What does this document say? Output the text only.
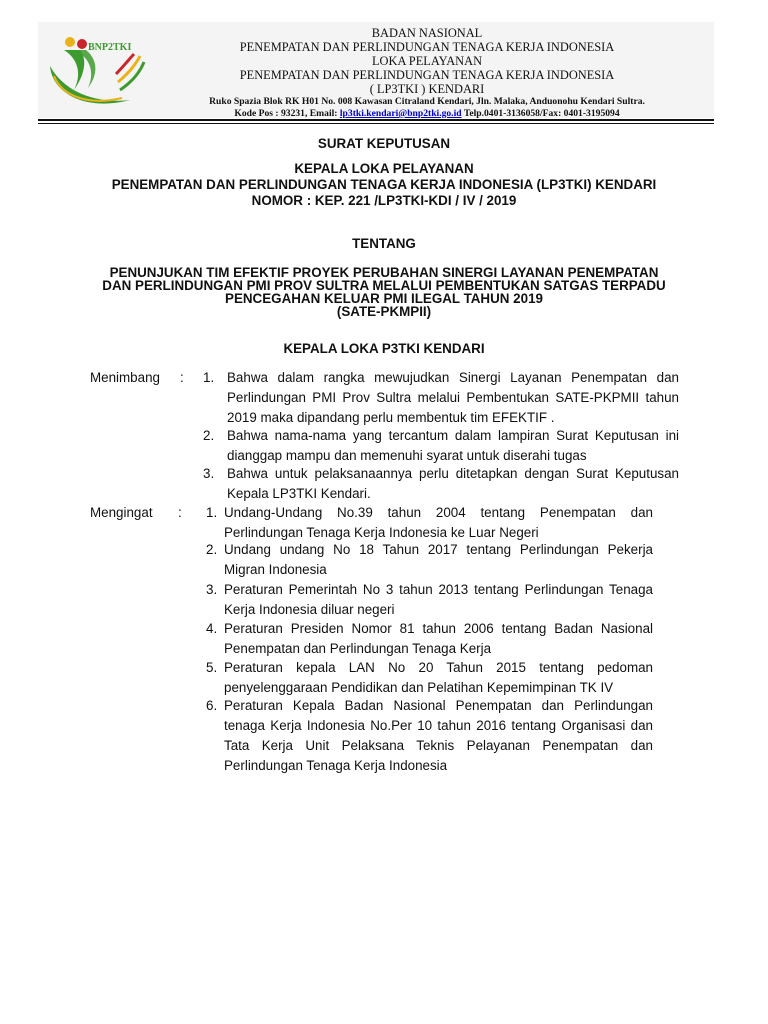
BNP2TKI
BADAN NASIONAL
PENEMPATAN DAN PERLINDUNGAN TENAGA KERJA INDONESIA
LOKA PELAYANAN
PENEMPATAN DAN PERLINDUNGAN TENAGA KERJA INDONESIA
( LP3TKI ) KENDARI
Ruko Spazia Blok RK H01 No. 008 Kawasan Citraland Kendari, Jln. Malaka, Anduonohu Kendari Sultra.
Kode Pos : 93231, Email: lp3tki.kendari@bnp2tki.go.id Telp.0401-3136058/Fax: 0401-3195094
SURAT KEPUTUSAN
KEPALA LOKA PELAYANAN
PENEMPATAN DAN PERLINDUNGAN TENAGA KERJA INDONESIA (LP3TKI) KENDARI
NOMOR : KEP. 221 /LP3TKI-KDI / IV / 2019
TENTANG
PENUNJUKAN TIM EFEKTIF PROYEK PERUBAHAN SINERGI LAYANAN PENEMPATAN
DAN PERLINDUNGAN PMI PROV SULTRA MELALUI PEMBENTUKAN SATGAS TERPADU
PENCEGAHAN KELUAR PMI ILEGAL TAHUN 2019
(SATE-PKMPII)
KEPALA LOKA P3TKI KENDARI
Menimbang : 1. Bahwa dalam rangka mewujudkan Sinergi Layanan Penempatan dan Perlindungan PMI Prov Sultra melalui Pembentukan SATE-PKPMII tahun 2019 maka dipandang perlu membentuk tim EFEKTIF .
2. Bahwa nama-nama yang tercantum dalam lampiran Surat Keputusan ini dianggap mampu dan memenuhi syarat untuk diserahi tugas
3. Bahwa untuk pelaksanaannya perlu ditetapkan dengan Surat Keputusan Kepala LP3TKI Kendari.
Mengingat : 1. Undang-Undang No.39 tahun 2004 tentang Penempatan dan Perlindungan Tenaga Kerja Indonesia ke Luar Negeri
2. Undang undang No 18 Tahun 2017 tentang Perlindungan Pekerja Migran Indonesia
3. Peraturan Pemerintah No 3 tahun 2013 tentang Perlindungan Tenaga Kerja Indonesia diluar negeri
4. Peraturan Presiden Nomor 81 tahun 2006 tentang Badan Nasional Penempatan dan Perlindungan Tenaga Kerja
5. Peraturan kepala LAN No 20 Tahun 2015 tentang pedoman penyelenggaraan Pendidikan dan Pelatihan Kepemimpinan TK IV
6. Peraturan Kepala Badan Nasional Penempatan dan Perlindungan tenaga Kerja Indonesia No.Per 10 tahun 2016 tentang Organisasi dan Tata Kerja Unit Pelaksana Teknis Pelayanan Penempatan dan Perlindungan Tenaga Kerja Indonesia
